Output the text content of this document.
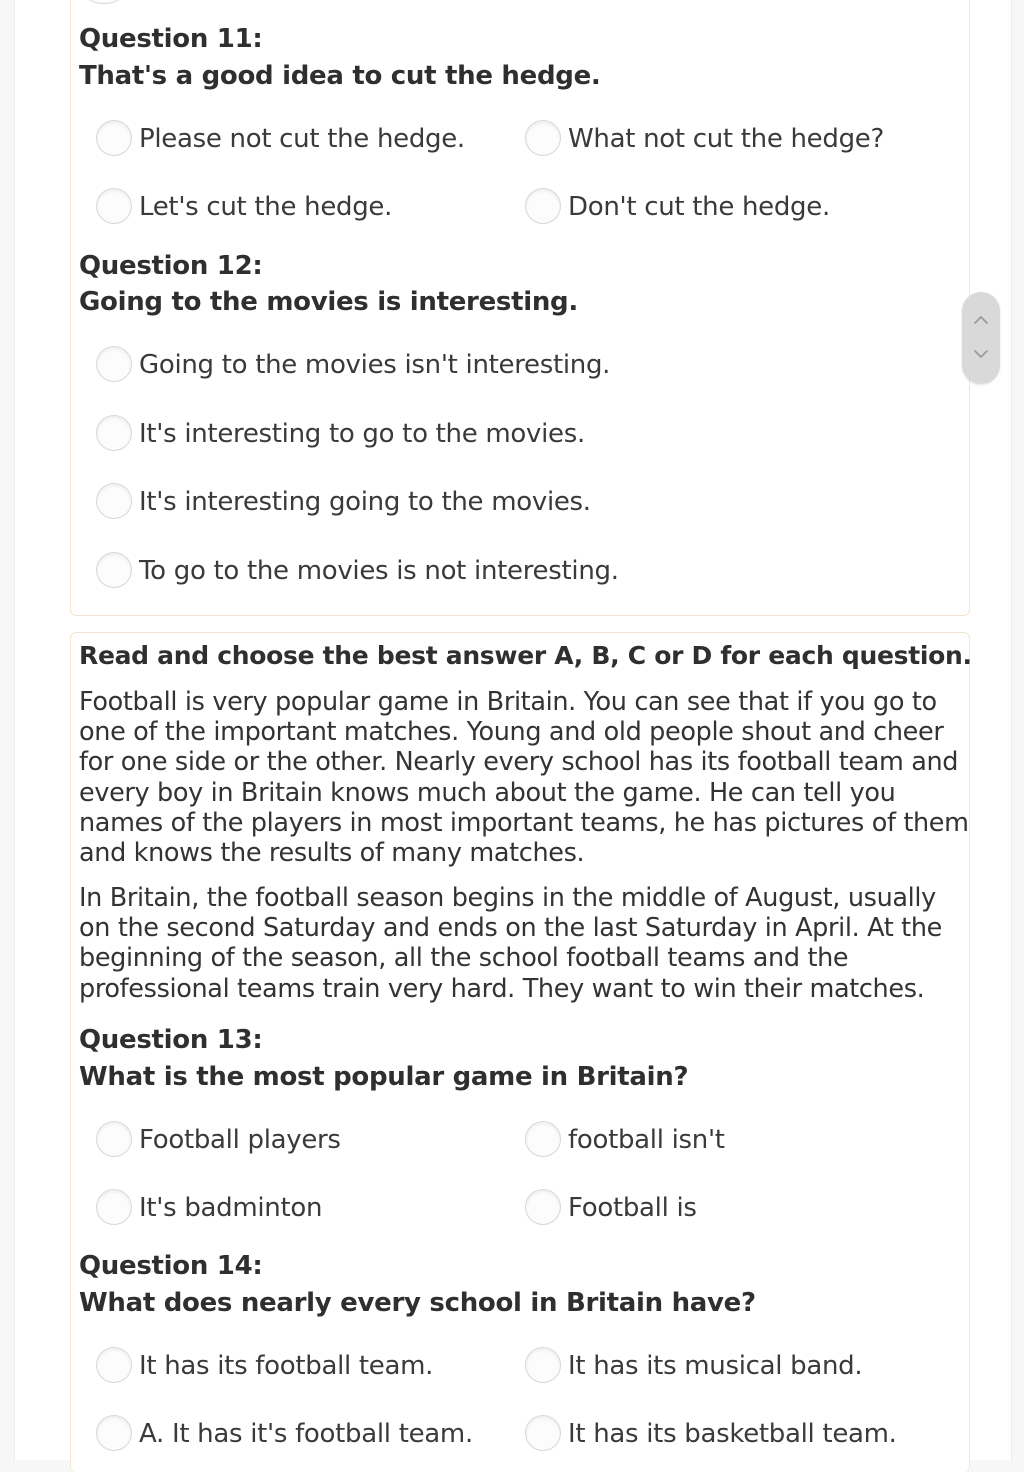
Question 11:
That's a good idea to cut the hedge.
Please not cut the hedge.	What not cut the hedge?
Let's cut the hedge.	Don't cut the hedge.
Question 12:
Going to the movies is interesting.
Going to the movies isn't interesting.
It's interesting to go to the movies.
It's interesting going to the movies.
To go to the movies is not interesting.
Read and choose the best answer A, B, C or D for each question.
Football is very popular game in Britain. You can see that if you go to
one of the important matches. Young and old people shout and cheer
for one side or the other. Nearly every school has its football team and
every boy in Britain knows much about the game. He can tell you
names of the players in most important teams, he has pictures of them
and knows the results of many matches.
In Britain, the football season begins in the middle of August, usually
on the second Saturday and ends on the last Saturday in April. At the
beginning of the season, all the school football teams and the
professional teams train very hard. They want to win their matches.
Question 13:
What is the most popular game in Britain?
Football players	football isn't
It's badminton	Football is
Question 14:
What does nearly every school in Britain have?
It has its football team.	It has its musical band.
A. It has it's football team.	It has its basketball team.
